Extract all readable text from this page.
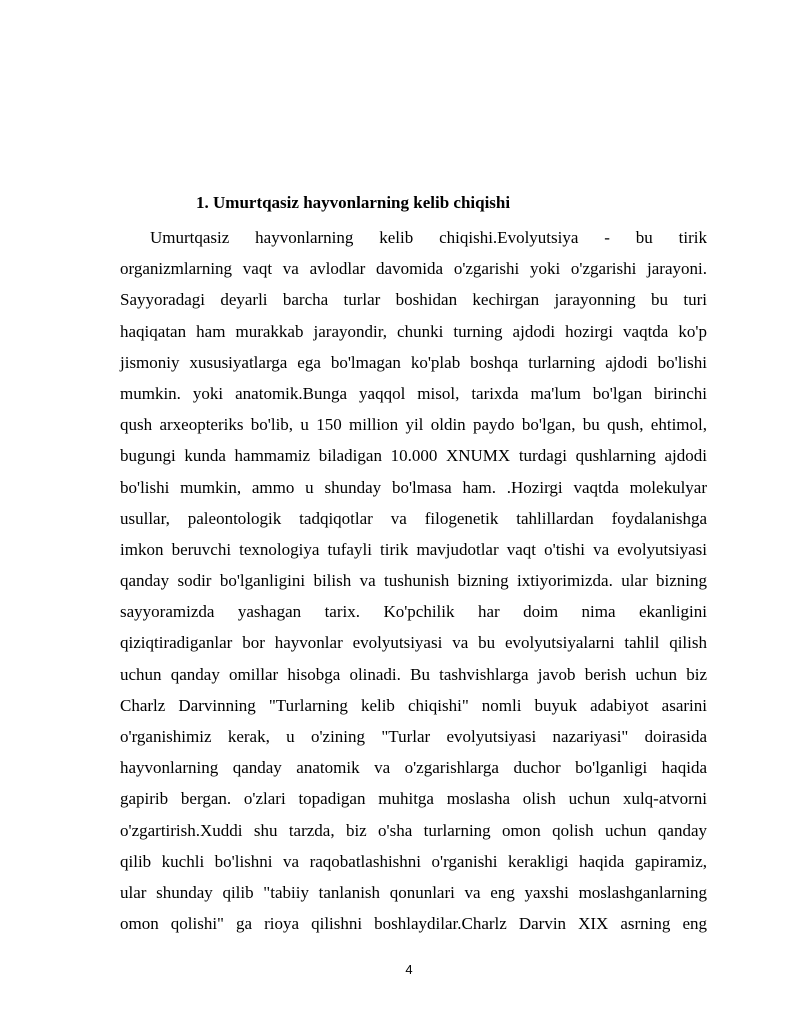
1. Umurtqasiz hayvonlarning kelib chiqishi
Umurtqasiz hayvonlarning kelib chiqishi.Evolyutsiya - bu tirik
organizmlarning vaqt va avlodlar davomida o'zgarishi yoki o'zgarishi jarayoni.
Sayyoradagi deyarli barcha turlar boshidan kechirgan jarayonning bu turi
haqiqatan ham murakkab jarayondir, chunki turning ajdodi hozirgi vaqtda ko'p
jismoniy xususiyatlarga ega bo'lmagan ko'plab boshqa turlarning ajdodi bo'lishi
mumkin. yoki anatomik.Bunga yaqqol misol, tarixda ma'lum bo'lgan birinchi
qush arxeopteriks bo'lib, u 150 million yil oldin paydo bo'lgan, bu qush, ehtimol,
bugungi kunda hammamiz biladigan 10.000 XNUMX turdagi qushlarning ajdodi
bo'lishi mumkin, ammo u shunday bo'lmasa ham. .Hozirgi vaqtda molekulyar
usullar, paleontologik tadqiqotlar va filogenetik tahlillardan foydalanishga
imkon beruvchi texnologiya tufayli tirik mavjudotlar vaqt o'tishi va evolyutsiyasi
qanday sodir bo'lganligini bilish va tushunish bizning ixtiyorimizda. ular bizning
sayyoramizda yashagan tarix. Ko'pchilik har doim nima ekanligini
qiziqtiradiganlar bor hayvonlar evolyutsiyasi va bu evolyutsiyalarni tahlil qilish
uchun qanday omillar hisobga olinadi. Bu tashvishlarga javob berish uchun biz
Charlz Darvinning "Turlarning kelib chiqishi" nomli buyuk adabiyot asarini
o'rganishimiz kerak, u o'zining "Turlar evolyutsiyasi nazariyasi" doirasida
hayvonlarning qanday anatomik va o'zgarishlarga duchor bo'lganligi haqida
gapirib bergan. o'zlari topadigan muhitga moslasha olish uchun xulq-atvorni
o'zgartirish.Xuddi shu tarzda, biz o'sha turlarning omon qolish uchun qanday
qilib kuchli bo'lishni va raqobatlashishni o'rganishi kerakligi haqida gapiramiz,
ular shunday qilib "tabiiy tanlanish qonunlari va eng yaxshi moslashganlarning
omon qolishi" ga rioya qilishni boshlaydilar.Charlz Darvin XIX asrning eng
4
